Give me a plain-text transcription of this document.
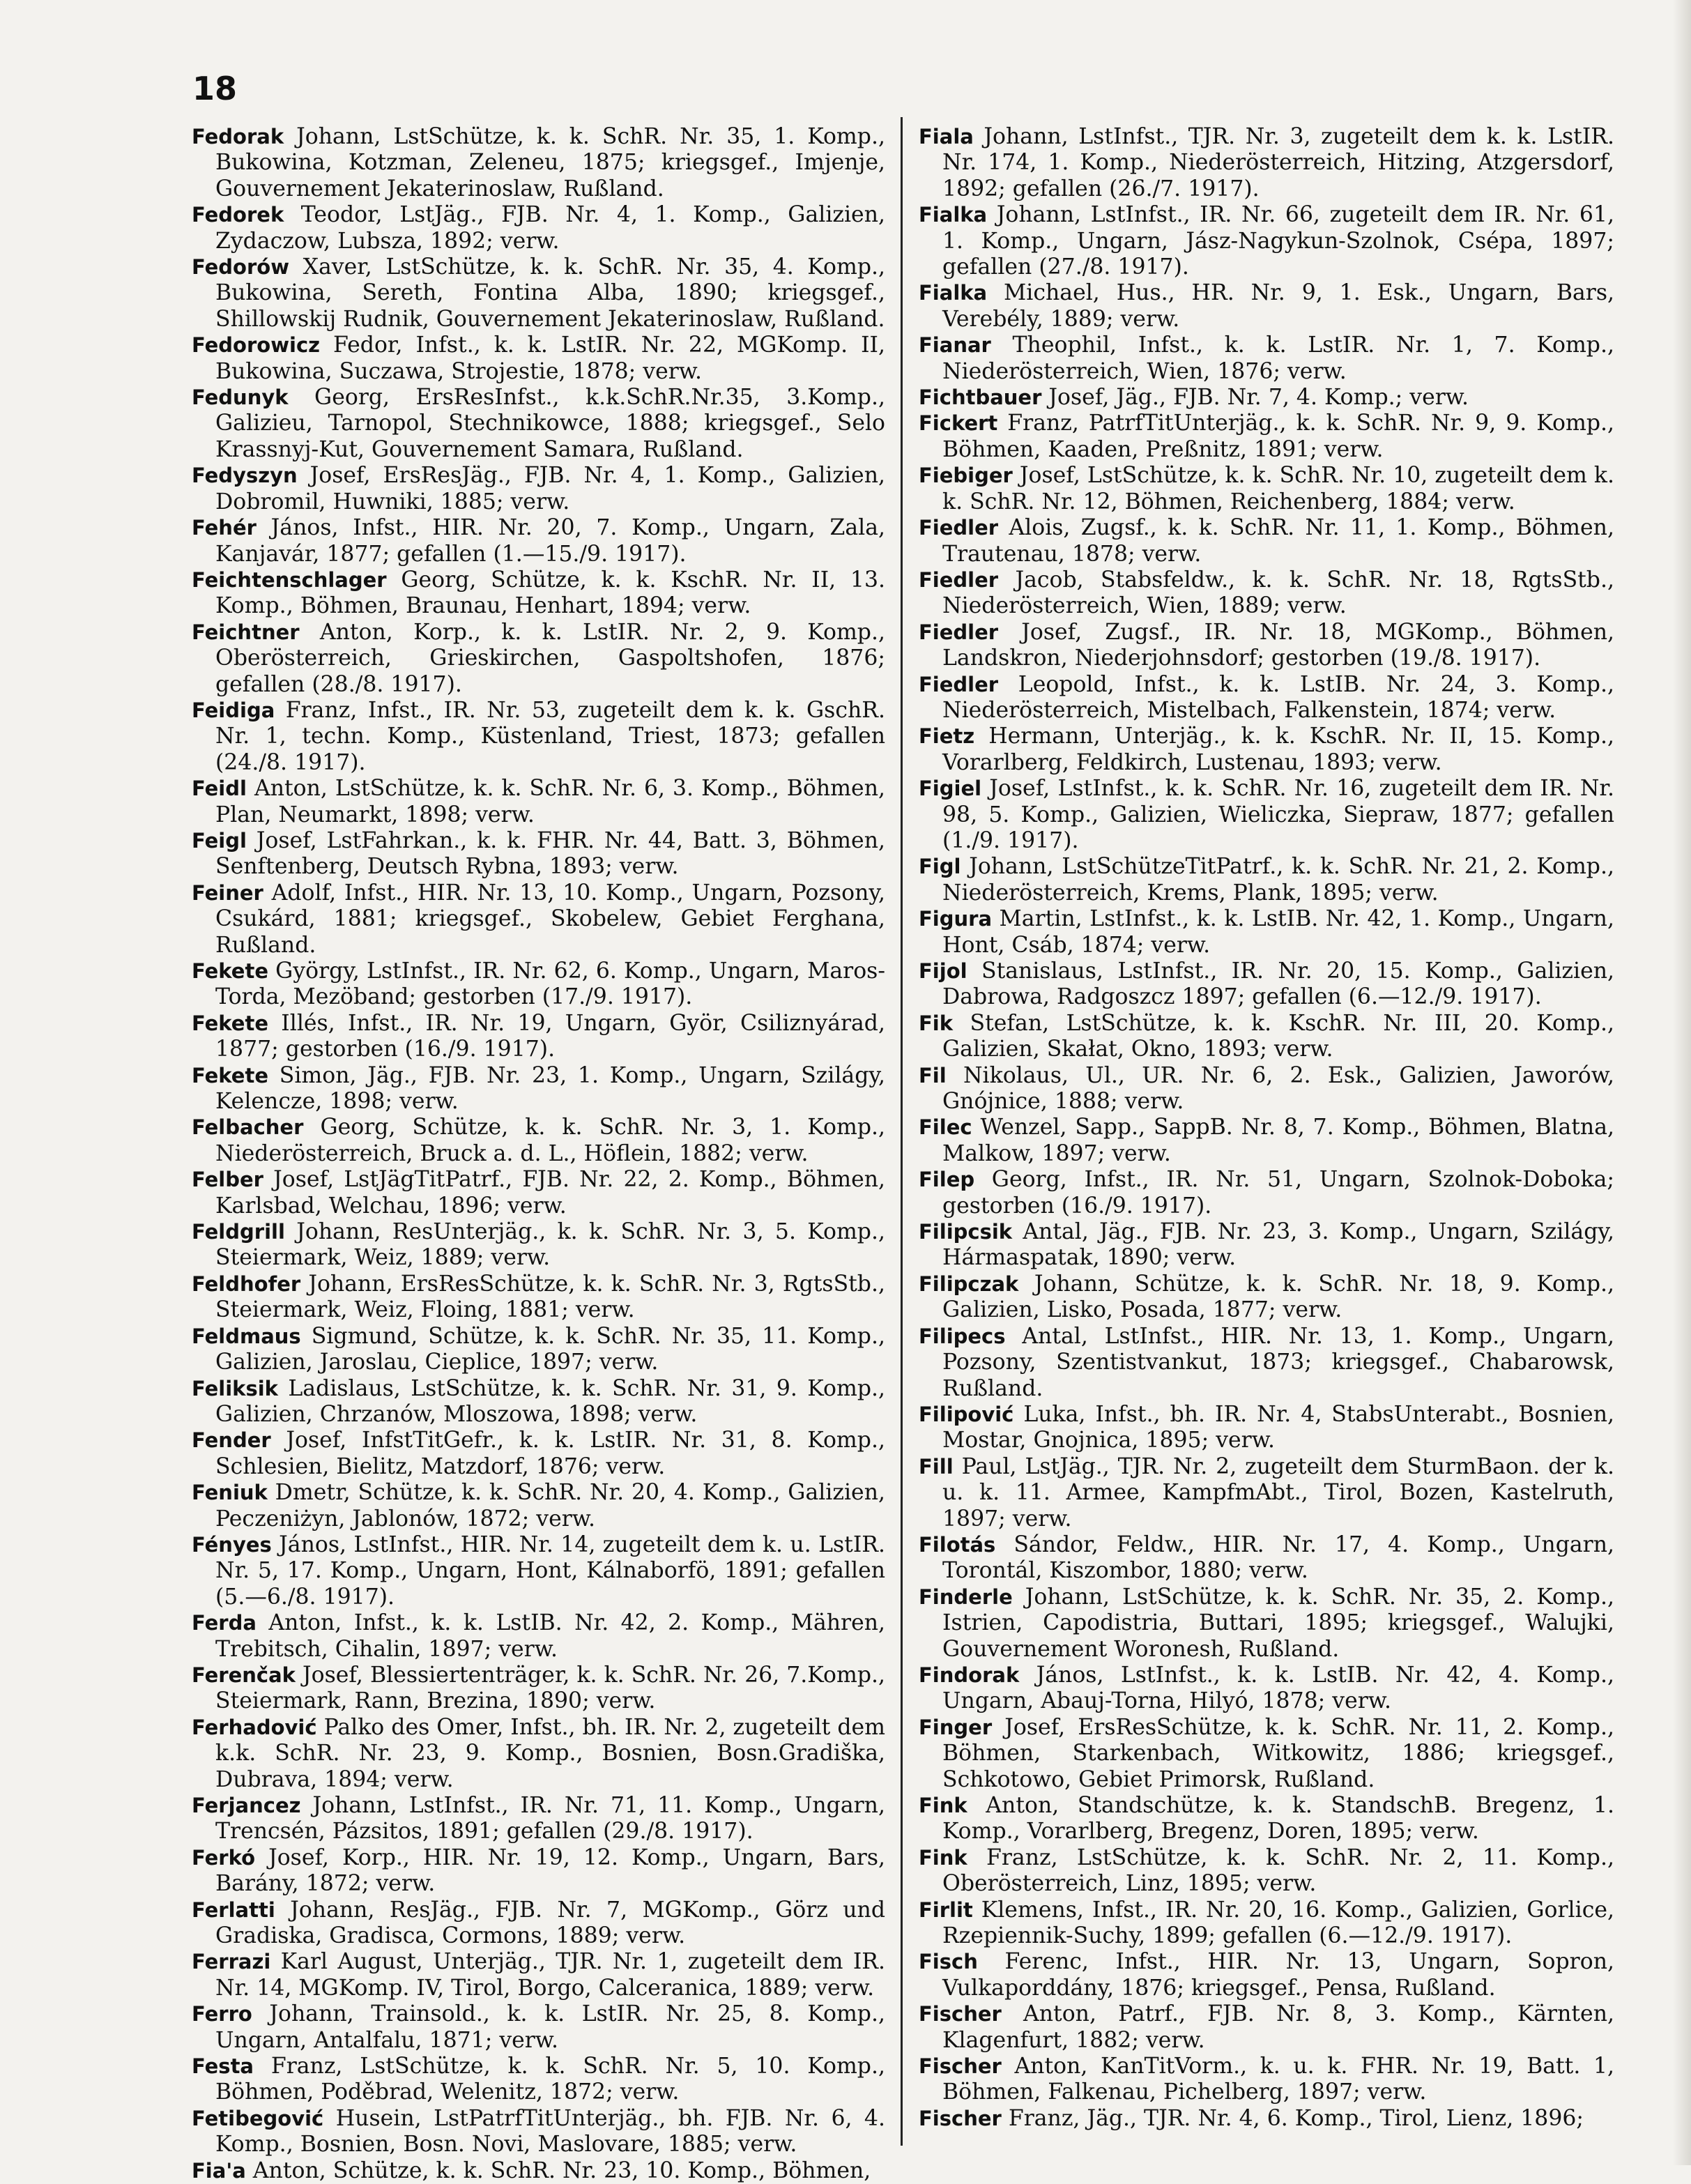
18

Fedorak Johann, LstSchütze, k. k. SchR. Nr. 35, 1. Komp., Bukowina, Kotzman, Zeleneu, 1875; kriegsgef., Imjenje, Gouvernement Jekaterinoslaw, Rußland.

Fedorek Teodor, LstJäg., FJB. Nr. 4, 1. Komp., Galizien, Zydaczow, Lubsza, 1892; verw.

Fedorów Xaver, LstSchütze, k. k. SchR. Nr. 35, 4. Komp., Bukowina, Sereth, Fontina Alba, 1890; kriegsgef., Shillowskij Rudnik, Gouvernement Jekaterinoslaw, Rußland.

Fedorowicz Fedor, Infst., k. k. LstIR. Nr. 22, MGKomp. II, Bukowina, Suczawa, Strojestie, 1878; verw.

Fedunyk Georg, ErsResInfst., k.k.SchR.Nr.35, 3.Komp., Galizieu, Tarnopol, Stechnikowce, 1888; kriegsgef., Selo Krassnyj-Kut, Gouvernement Samara, Rußland.

Fedyszyn Josef, ErsResJäg., FJB. Nr. 4, 1. Komp., Galizien, Dobromil, Huwniki, 1885; verw.

Fehér János, Infst., HIR. Nr. 20, 7. Komp., Ungarn, Zala, Kanjavár, 1877; gefallen (1.—15./9. 1917).

Feichtenschlager Georg, Schütze, k. k. KschR. Nr. II, 13. Komp., Böhmen, Braunau, Henhart, 1894; verw.

Feichtner Anton, Korp., k. k. LstIR. Nr. 2, 9. Komp., Oberösterreich, Grieskirchen, Gaspoltshofen, 1876; gefallen (28./8. 1917).

Feidiga Franz, Infst., IR. Nr. 53, zugeteilt dem k. k. GschR. Nr. 1, techn. Komp., Küstenland, Triest, 1873; gefallen (24./8. 1917).

Feidl Anton, LstSchütze, k. k. SchR. Nr. 6, 3. Komp., Böhmen, Plan, Neumarkt, 1898; verw.

Feigl Josef, LstFahrkan., k. k. FHR. Nr. 44, Batt. 3, Böhmen, Senftenberg, Deutsch Rybna, 1893; verw.

Feiner Adolf, Infst., HIR. Nr. 13, 10. Komp., Ungarn, Pozsony, Csukárd, 1881; kriegsgef., Skobelew, Gebiet Ferghana, Rußland.

Fekete György, LstInfst., IR. Nr. 62, 6. Komp., Ungarn, Maros-Torda, Mezöband; gestorben (17./9. 1917).

Fekete Illés, Infst., IR. Nr. 19, Ungarn, Györ, Csiliznyárad, 1877; gestorben (16./9. 1917).

Fekete Simon, Jäg., FJB. Nr. 23, 1. Komp., Ungarn, Szilágy, Kelencze, 1898; verw.

Felbacher Georg, Schütze, k. k. SchR. Nr. 3, 1. Komp., Niederösterreich, Bruck a. d. L., Höflein, 1882; verw.

Felber Josef, LstJägTitPatrf., FJB. Nr. 22, 2. Komp., Böhmen, Karlsbad, Welchau, 1896; verw.

Feldgrill Johann, ResUnterjäg., k. k. SchR. Nr. 3, 5. Komp., Steiermark, Weiz, 1889; verw.

Feldhofer Johann, ErsResSchütze, k. k. SchR. Nr. 3, RgtsStb., Steiermark, Weiz, Floing, 1881; verw.

Feldmaus Sigmund, Schütze, k. k. SchR. Nr. 35, 11. Komp., Galizien, Jaroslau, Cieplice, 1897; verw.

Feliksik Ladislaus, LstSchütze, k. k. SchR. Nr. 31, 9. Komp., Galizien, Chrzanów, Mloszowa, 1898; verw.

Fender Josef, InfstTitGefr., k. k. LstIR. Nr. 31, 8. Komp., Schlesien, Bielitz, Matzdorf, 1876; verw.

Feniuk Dmetr, Schütze, k. k. SchR. Nr. 20, 4. Komp., Galizien, Peczeniżyn, Jablonów, 1872; verw.

Fényes János, LstInfst., HIR. Nr. 14, zugeteilt dem k. u. LstIR. Nr. 5, 17. Komp., Ungarn, Hont, Kálnaborfö, 1891; gefallen (5.—6./8. 1917).

Ferda Anton, Infst., k. k. LstIB. Nr. 42, 2. Komp., Mähren, Trebitsch, Cihalin, 1897; verw.

Ferenčak Josef, Blessiertenträger, k. k. SchR. Nr. 26, 7.Komp., Steiermark, Rann, Brezina, 1890; verw.

Ferhadović Palko des Omer, Infst., bh. IR. Nr. 2, zugeteilt dem k.k. SchR. Nr. 23, 9. Komp., Bosnien, Bosn.Gradiška, Dubrava, 1894; verw.

Ferjancez Johann, LstInfst., IR. Nr. 71, 11. Komp., Ungarn, Trencsén, Pázsitos, 1891; gefallen (29./8. 1917).

Ferkó Josef, Korp., HIR. Nr. 19, 12. Komp., Ungarn, Bars, Barány, 1872; verw.

Ferlatti Johann, ResJäg., FJB. Nr. 7, MGKomp., Görz und Gradiska, Gradisca, Cormons, 1889; verw.

Ferrazi Karl August, Unterjäg., TJR. Nr. 1, zugeteilt dem IR. Nr. 14, MGKomp. IV, Tirol, Borgo, Calceranica, 1889; verw.

Ferro Johann, Trainsold., k. k. LstIR. Nr. 25, 8. Komp., Ungarn, Antalfalu, 1871; verw.

Festa Franz, LstSchütze, k. k. SchR. Nr. 5, 10. Komp., Böhmen, Poděbrad, Welenitz, 1872; verw.

Fetibegović Husein, LstPatrfTitUnterjäg., bh. FJB. Nr. 6, 4. Komp., Bosnien, Bosn. Novi, Maslovare, 1885; verw.

Fia'a Anton, Schütze, k. k. SchR. Nr. 23, 10. Komp., Böhmen,

Fiala Johann, LstInfst., TJR. Nr. 3, zugeteilt dem k. k. LstIR. Nr. 174, 1. Komp., Niederösterreich, Hitzing, Atzgersdorf, 1892; gefallen (26./7. 1917).

Fialka Johann, LstInfst., IR. Nr. 66, zugeteilt dem IR. Nr. 61, 1. Komp., Ungarn, Jász-Nagykun-Szolnok, Csépa, 1897; gefallen (27./8. 1917).

Fialka Michael, Hus., HR. Nr. 9, 1. Esk., Ungarn, Bars, Verebély, 1889; verw.

Fianar Theophil, Infst., k. k. LstIR. Nr. 1, 7. Komp., Niederösterreich, Wien, 1876; verw.

Fichtbauer Josef, Jäg., FJB. Nr. 7, 4. Komp.; verw.

Fickert Franz, PatrfTitUnterjäg., k. k. SchR. Nr. 9, 9. Komp., Böhmen, Kaaden, Preßnitz, 1891; verw.

Fiebiger Josef, LstSchütze, k. k. SchR. Nr. 10, zugeteilt dem k. k. SchR. Nr. 12, Böhmen, Reichenberg, 1884; verw.

Fiedler Alois, Zugsf., k. k. SchR. Nr. 11, 1. Komp., Böhmen, Trautenau, 1878; verw.

Fiedler Jacob, Stabsfeldw., k. k. SchR. Nr. 18, RgtsStb., Niederösterreich, Wien, 1889; verw.

Fiedler Josef, Zugsf., IR. Nr. 18, MGKomp., Böhmen, Landskron, Niederjohnsdorf; gestorben (19./8. 1917).

Fiedler Leopold, Infst., k. k. LstIB. Nr. 24, 3. Komp., Niederösterreich, Mistelbach, Falkenstein, 1874; verw.

Fietz Hermann, Unterjäg., k. k. KschR. Nr. II, 15. Komp., Vorarlberg, Feldkirch, Lustenau, 1893; verw.

Figiel Josef, LstInfst., k. k. SchR. Nr. 16, zugeteilt dem IR. Nr. 98, 5. Komp., Galizien, Wieliczka, Siepraw, 1877; gefallen (1./9. 1917).

Figl Johann, LstSchützeTitPatrf., k. k. SchR. Nr. 21, 2. Komp., Niederösterreich, Krems, Plank, 1895; verw.

Figura Martin, LstInfst., k. k. LstIB. Nr. 42, 1. Komp., Ungarn, Hont, Csáb, 1874; verw.

Fijol Stanislaus, LstInfst., IR. Nr. 20, 15. Komp., Galizien, Dabrowa, Radgoszcz 1897; gefallen (6.—12./9. 1917).

Fik Stefan, LstSchütze, k. k. KschR. Nr. III, 20. Komp., Galizien, Skałat, Okno, 1893; verw.

Fil Nikolaus, Ul., UR. Nr. 6, 2. Esk., Galizien, Jaworów, Gnójnice, 1888; verw.

Filec Wenzel, Sapp., SappB. Nr. 8, 7. Komp., Böhmen, Blatna, Malkow, 1897; verw.

Filep Georg, Infst., IR. Nr. 51, Ungarn, Szolnok-Doboka; gestorben (16./9. 1917).

Filipcsik Antal, Jäg., FJB. Nr. 23, 3. Komp., Ungarn, Szilágy, Hármaspatak, 1890; verw.

Filipczak Johann, Schütze, k. k. SchR. Nr. 18, 9. Komp., Galizien, Lisko, Posada, 1877; verw.

Filipecs Antal, LstInfst., HIR. Nr. 13, 1. Komp., Ungarn, Pozsony, Szentistvankut, 1873; kriegsgef., Chabarowsk, Rußland.

Filipović Luka, Infst., bh. IR. Nr. 4, StabsUnterabt., Bosnien, Mostar, Gnojnica, 1895; verw.

Fill Paul, LstJäg., TJR. Nr. 2, zugeteilt dem SturmBaon. der k. u. k. 11. Armee, KampfmAbt., Tirol, Bozen, Kastelruth, 1897; verw.

Filotás Sándor, Feldw., HIR. Nr. 17, 4. Komp., Ungarn, Torontál, Kiszombor, 1880; verw.

Finderle Johann, LstSchütze, k. k. SchR. Nr. 35, 2. Komp., Istrien, Capodistria, Buttari, 1895; kriegsgef., Walujki, Gouvernement Woronesh, Rußland.

Findorak János, LstInfst., k. k. LstIB. Nr. 42, 4. Komp., Ungarn, Abauj-Torna, Hilyó, 1878; verw.

Finger Josef, ErsResSchütze, k. k. SchR. Nr. 11, 2. Komp., Böhmen, Starkenbach, Witkowitz, 1886; kriegsgef., Schkotowo, Gebiet Primorsk, Rußland.

Fink Anton, Standschütze, k. k. StandschB. Bregenz, 1. Komp., Vorarlberg, Bregenz, Doren, 1895; verw.

Fink Franz, LstSchütze, k. k. SchR. Nr. 2, 11. Komp., Oberösterreich, Linz, 1895; verw.

Firlit Klemens, Infst., IR. Nr. 20, 16. Komp., Galizien, Gorlice, Rzepiennik-Suchy, 1899; gefallen (6.—12./9. 1917).

Fisch Ferenc, Infst., HIR. Nr. 13, Ungarn, Sopron, Vulkaporddány, 1876; kriegsgef., Pensa, Rußland.

Fischer Anton, Patrf., FJB. Nr. 8, 3. Komp., Kärnten, Klagenfurt, 1882; verw.

Fischer Anton, KanTitVorm., k. u. k. FHR. Nr. 19, Batt. 1, Böhmen, Falkenau, Pichelberg, 1897; verw.

Fischer Franz, Jäg., TJR. Nr. 4, 6. Komp., Tirol, Lienz, 1896;
